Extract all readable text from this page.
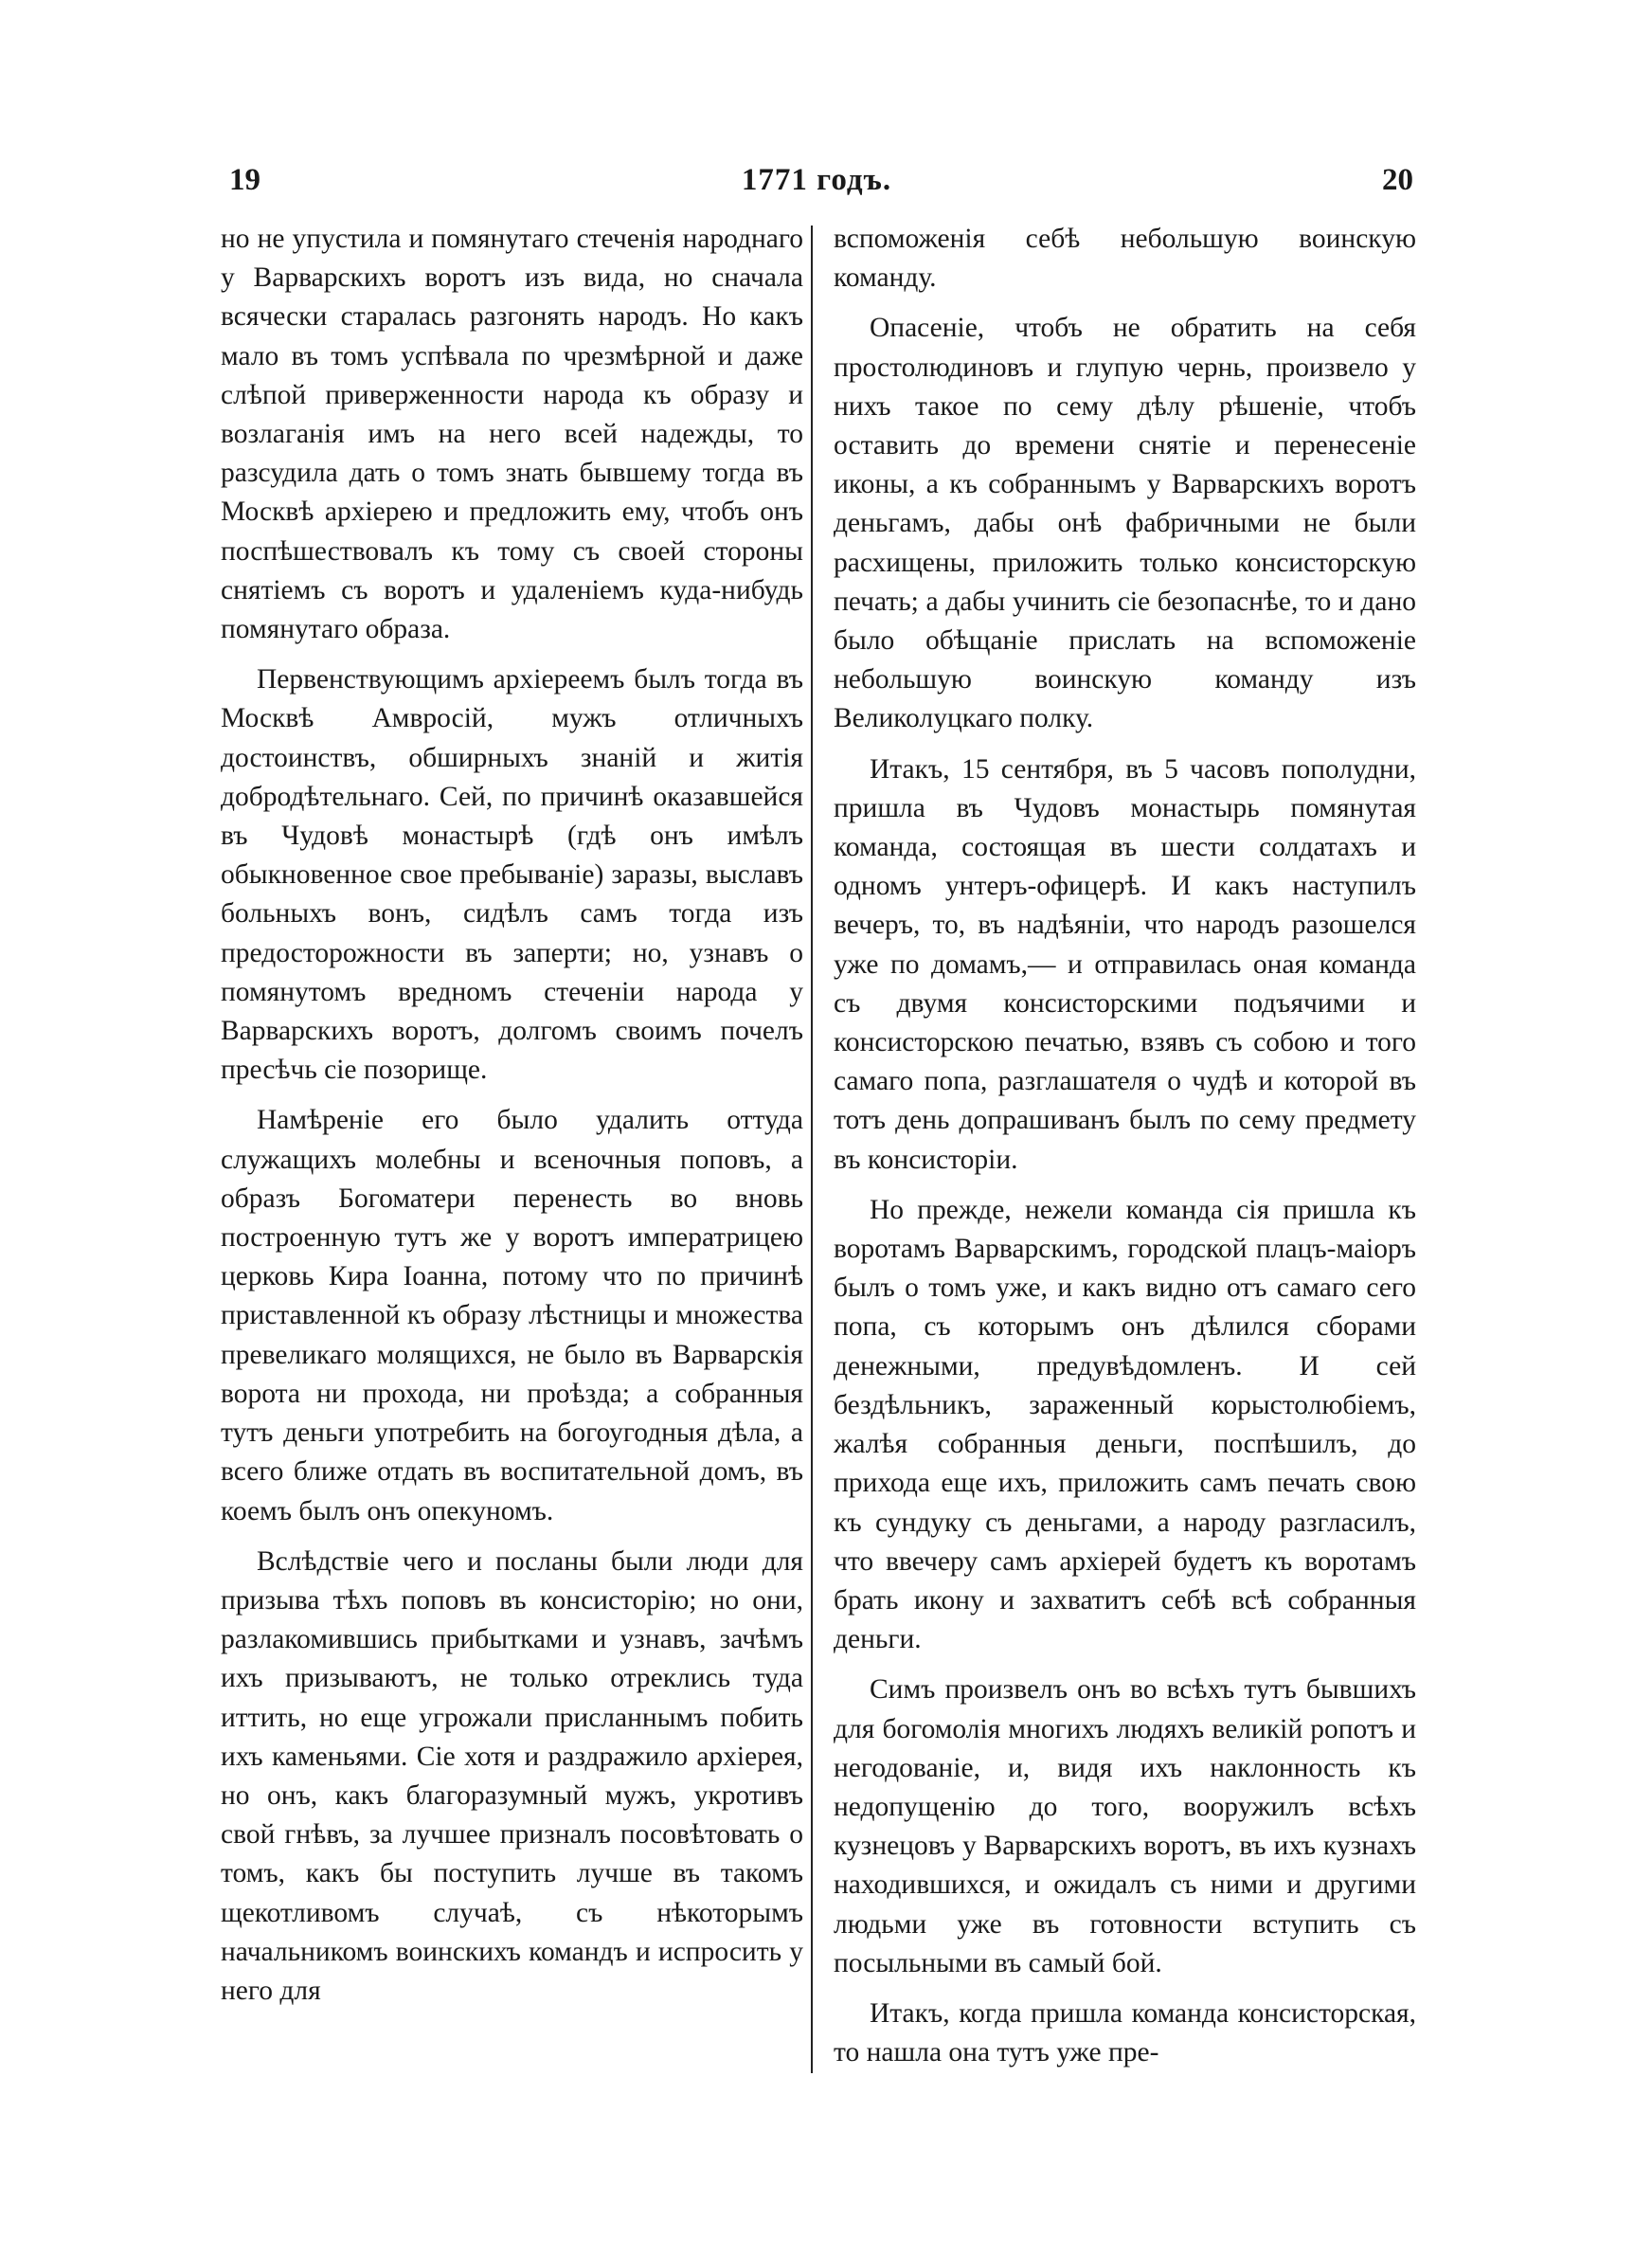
19	1771 годъ.	20

но не упустила и помянутаго стеченія народнаго у Варварскихъ воротъ изъ вида, но сначала всячески старалась разгонять народъ. Но какъ мало въ томъ успѣвала по чрезмѣрной и даже слѣпой приверженности народа къ образу и возлаганія имъ на него всей надежды, то разсудила дать о томъ знать бывшему тогда въ Москвѣ архіерею и предложить ему, чтобъ онъ поспѣшествовалъ къ тому съ своей стороны снятіемъ съ воротъ и удаленіемъ куда-нибудь помянутаго образа.

Первенствующимъ архіереемъ былъ тогда въ Москвѣ Амвросій, мужъ отличныхъ достоинствъ, обширныхъ знаній и житія добродѣтельнаго. Сей, по причинѣ оказавшейся въ Чудовѣ монастырѣ (гдѣ онъ имѣлъ обыкновенное свое пребываніе) заразы, выславъ больныхъ вонъ, сидѣлъ самъ тогда изъ предосторожности въ заперти; но, узнавъ о помянутомъ вредномъ стеченіи народа у Варварскихъ воротъ, долгомъ своимъ почелъ пресѣчь сіе позорище.

Намѣреніе его было удалить оттуда служащихъ молебны и всеночныя поповъ, а образъ Богоматери перенесть во вновь построенную тутъ же у воротъ императрицею церковь Кира Іоанна, потому что по причинѣ приставленной къ образу лѣстницы и множества превеликаго молящихся, не было въ Варварскія ворота ни прохода, ни проѣзда; а собранныя тутъ деньги употребить на богоугодныя дѣла, а всего ближе отдать въ воспитательной домъ, въ коемъ былъ онъ опекуномъ.

Вслѣдствіе чего и посланы были люди для призыва тѣхъ поповъ въ консисторію; но они, разлакомившись прибытками и узнавъ, зачѣмъ ихъ призываютъ, не только отреклись туда иттить, но еще угрожали присланнымъ побить ихъ каменьями. Сіе хотя и раздражило архіерея, но онъ, какъ благоразумный мужъ, укротивъ свой гнѣвъ, за лучшее призналъ посовѣтовать о томъ, какъ бы поступить лучше въ такомъ щекотливомъ случаѣ, съ нѣкоторымъ начальникомъ воинскихъ командъ и испросить у него для

вспоможенія себѣ небольшую воинскую команду.

Опасеніе, чтобъ не обратить на себя простолюдиновъ и глупую чернь, произвело у нихъ такое по сему дѣлу рѣшеніе, чтобъ оставить до времени снятіе и перенесеніе иконы, а къ собраннымъ у Варварскихъ воротъ деньгамъ, дабы онѣ фабричными не были расхищены, приложить только консисторскую печать; а дабы учинить сіе безопаснѣе, то и дано было обѣщаніе прислать на вспоможеніе небольшую воинскую команду изъ Великолуцкаго полку.

Итакъ, 15 сентября, въ 5 часовъ пополудни, пришла въ Чудовъ монастырь помянутая команда, состоящая въ шести солдатахъ и одномъ унтеръ-офицерѣ. И какъ наступилъ вечеръ, то, въ надѣяніи, что народъ разошелся уже по домамъ,— и отправилась оная команда съ двумя консисторскими подъячими и консисторскою печатью, взявъ съ собою и того самаго попа, разглашателя о чудѣ и которой въ тотъ день допрашиванъ былъ по сему предмету въ консисторіи.

Но прежде, нежели команда сія пришла къ воротамъ Варварскимъ, городской плацъ-маіоръ былъ о томъ уже, и какъ видно отъ самаго сего попа, съ которымъ онъ дѣлился сборами денежными, предувѣдомленъ. И сей бездѣльникъ, зараженный корыстолюбіемъ, жалѣя собранныя деньги, поспѣшилъ, до прихода еще ихъ, приложить самъ печать свою къ сундуку съ деньгами, а народу разгласилъ, что ввечеру самъ архіерей будетъ къ воротамъ брать икону и захватитъ себѣ всѣ собранныя деньги.

Симъ произвелъ онъ во всѣхъ тутъ бывшихъ для богомолія многихъ людяхъ великій ропотъ и негодованіе, и, видя ихъ наклонность къ недопущенію до того, вооружилъ всѣхъ кузнецовъ у Варварскихъ воротъ, въ ихъ кузнахъ находившихся, и ожидалъ съ ними и другими людьми уже въ готовности вступить съ посыльными въ самый бой.

Итакъ, когда пришла команда консисторская, то нашла она тутъ уже пре-
